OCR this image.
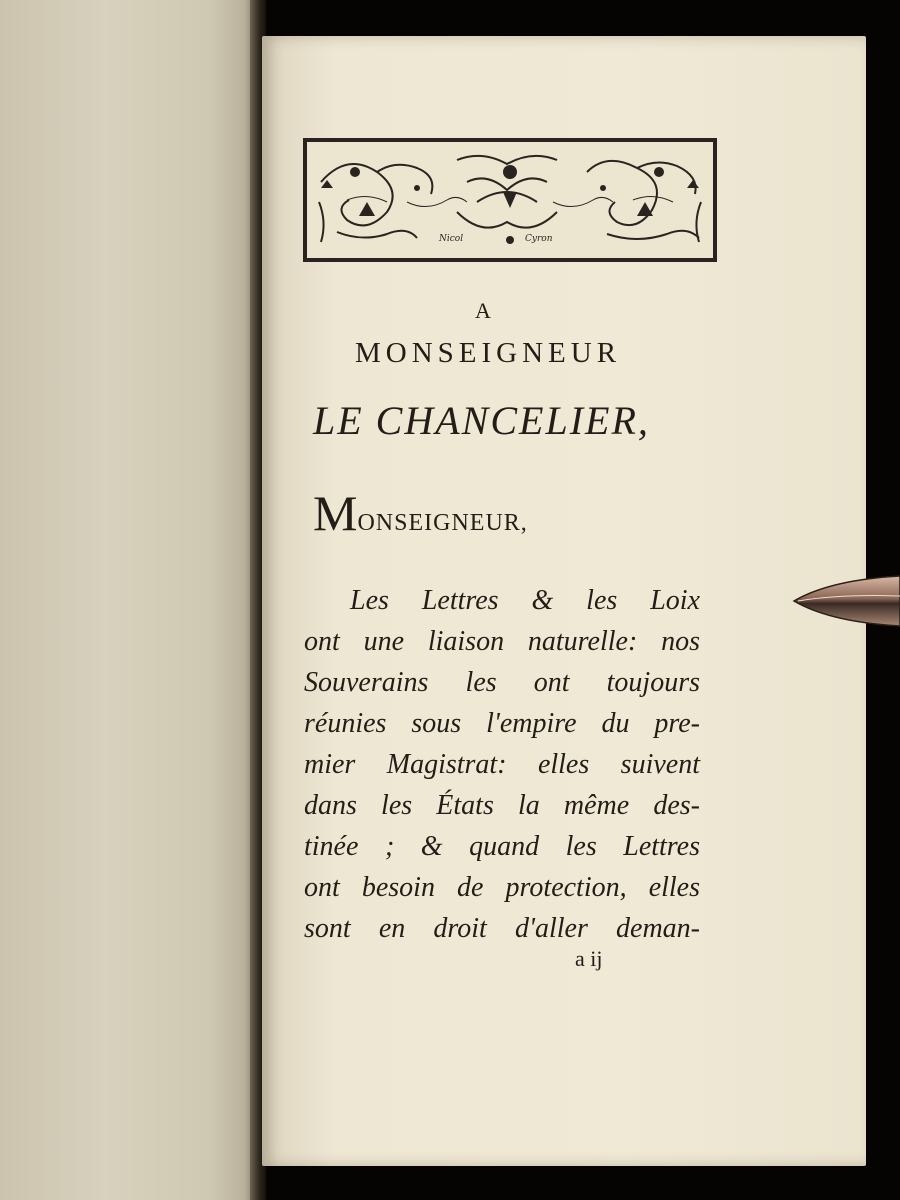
Nicol	Cyron
A
MONSEIGNEUR
LE CHANCELIER,
MONSEIGNEUR,
Les Lettres & les Loix
ont une liaison naturelle: nos
Souverains les ont toujours
réunies sous l'empire du pre-
mier Magistrat: elles suivent
dans les États la même des-
tinée ; & quand les Lettres
ont besoin de protection, elles
sont en droit d'aller deman-
a ij
